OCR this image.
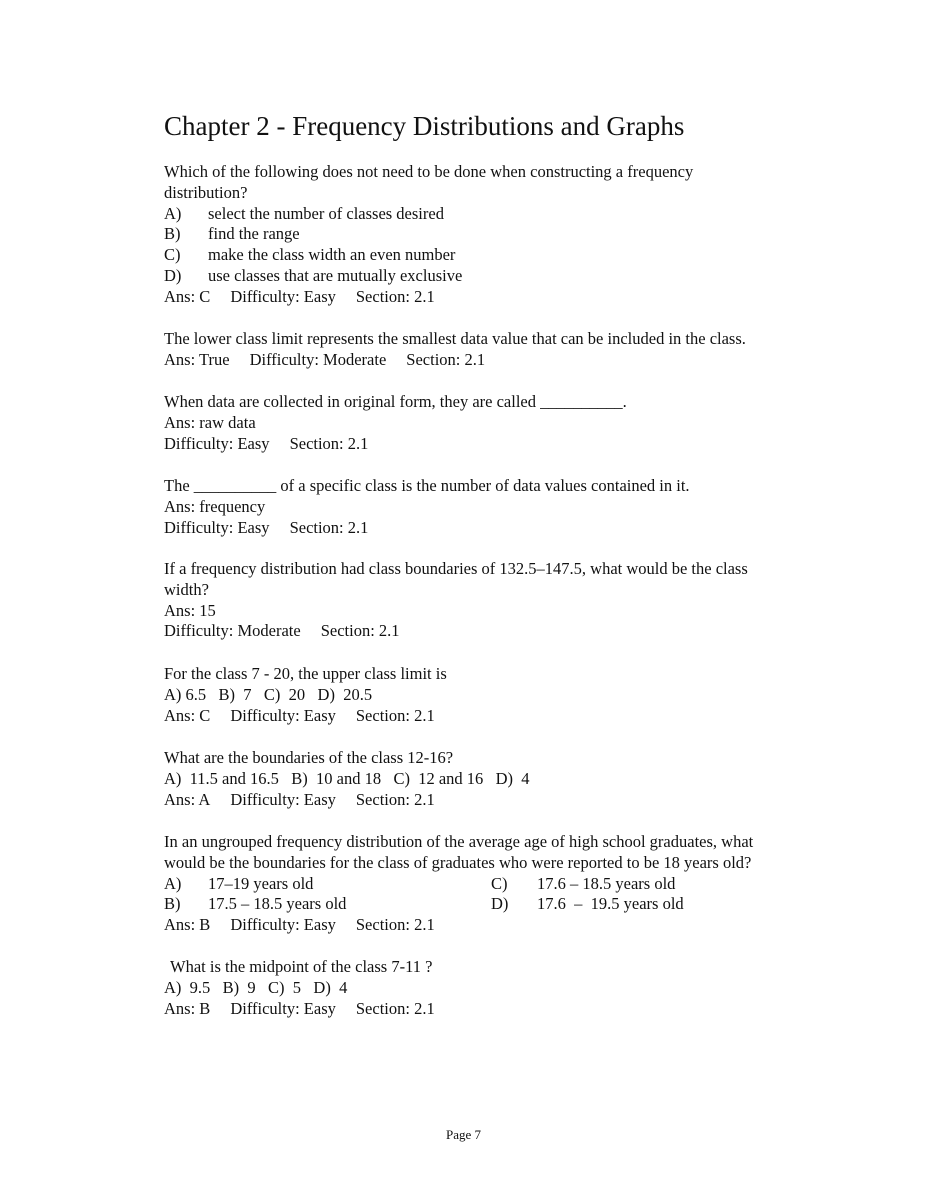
Chapter 2 - Frequency Distributions and Graphs
Which of the following does not need to be done when constructing a frequency
distribution?
A) select the number of classes desired
B) find the range
C) make the class width an even number
D) use classes that are mutually exclusive
Ans: C Difficulty: Easy Section: 2.1
The lower class limit represents the smallest data value that can be included in the class.
Ans: True Difficulty: Moderate Section: 2.1
When data are collected in original form, they are called __________.
Ans: raw data
Difficulty: Easy Section: 2.1
The __________ of a specific class is the number of data values contained in it.
Ans: frequency
Difficulty: Easy Section: 2.1
If a frequency distribution had class boundaries of 132.5–147.5, what would be the class
width?
Ans: 15
Difficulty: Moderate Section: 2.1
For the class 7 - 20, the upper class limit is
A) 6.5   B)  7   C)  20   D)  20.5
Ans: C Difficulty: Easy Section: 2.1
What are the boundaries of the class 12-16?
A)  11.5 and 16.5   B)  10 and 18   C)  12 and 16   D)  4
Ans: A Difficulty: Easy Section: 2.1
In an ungrouped frequency distribution of the average age of high school graduates, what
would be the boundaries for the class of graduates who were reported to be 18 years old?
A) 17–19 years old	C) 17.6 – 18.5 years old
B) 17.5 – 18.5 years old	D) 17.6  –  19.5 years old
Ans: B Difficulty: Easy Section: 2.1
What is the midpoint of the class 7-11 ?
A)  9.5   B)  9   C)  5   D)  4
Ans: B Difficulty: Easy Section: 2.1
Page 7
